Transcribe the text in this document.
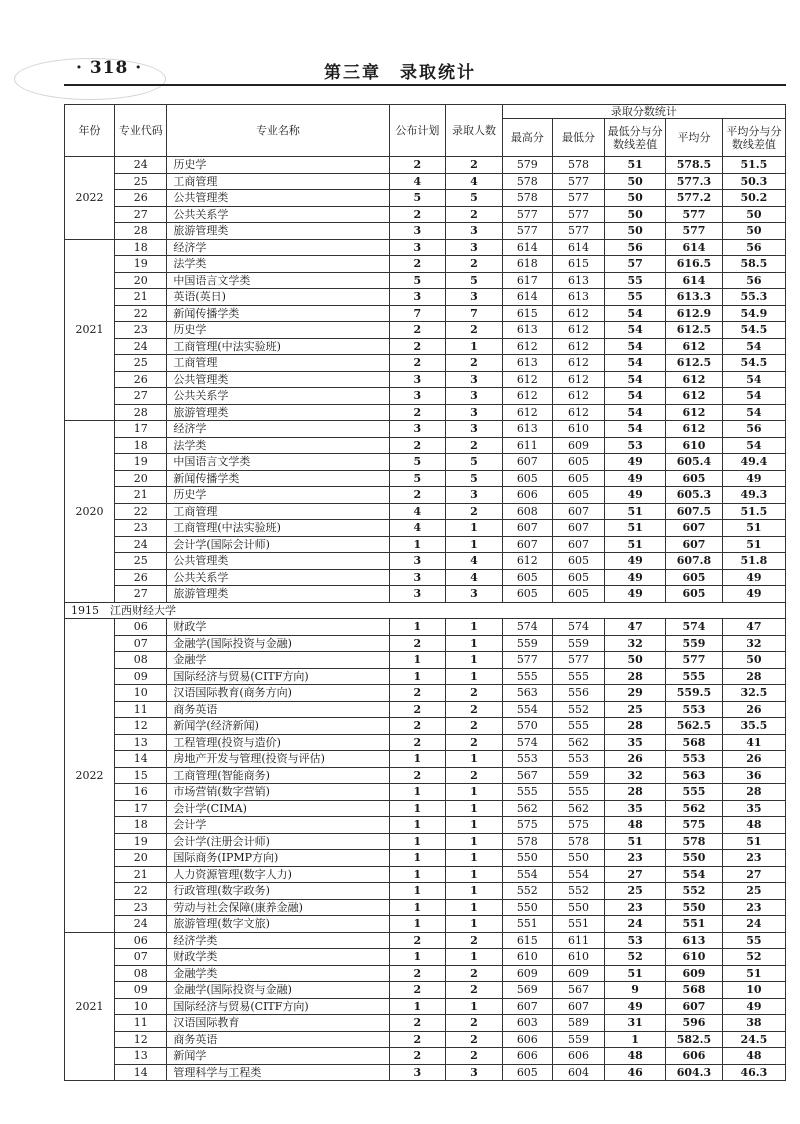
· 318 ·	第三章　录取统计
年份	专业代码	专业名称	公布计划	录取人数	录取分数统计				
					最高分	最低分	最低分与分数线差值	平均分	平均分与分数线差值
2022	24	历史学	2	2	579	578	51	578.5	51.5
	25	工商管理	4	4	578	577	50	577.3	50.3
	26	公共管理类	5	5	578	577	50	577.2	50.2
	27	公共关系学	2	2	577	577	50	577	50
	28	旅游管理类	3	3	577	577	50	577	50
2021	18	经济学	3	3	614	614	56	614	56
	19	法学类	2	2	618	615	57	616.5	58.5
	20	中国语言文学类	5	5	617	613	55	614	56
	21	英语(英日)	3	3	614	613	55	613.3	55.3
	22	新闻传播学类	7	7	615	612	54	612.9	54.9
	23	历史学	2	2	613	612	54	612.5	54.5
	24	工商管理(中法实验班)	2	1	612	612	54	612	54
	25	工商管理	2	2	613	612	54	612.5	54.5
	26	公共管理类	3	3	612	612	54	612	54
	27	公共关系学	3	3	612	612	54	612	54
	28	旅游管理类	2	3	612	612	54	612	54
2020	17	经济学	3	3	613	610	54	612	56
	18	法学类	2	2	611	609	53	610	54
	19	中国语言文学类	5	5	607	605	49	605.4	49.4
	20	新闻传播学类	5	5	605	605	49	605	49
	21	历史学	2	3	606	605	49	605.3	49.3
	22	工商管理	4	2	608	607	51	607.5	51.5
	23	工商管理(中法实验班)	4	1	607	607	51	607	51
	24	会计学(国际会计师)	1	1	607	607	51	607	51
	25	公共管理类	3	4	612	605	49	607.8	51.8
	26	公共关系学	3	4	605	605	49	605	49
	27	旅游管理类	3	3	605	605	49	605	49
1915　江西财经大学									
2022	06	财政学	1	1	574	574	47	574	47
	07	金融学(国际投资与金融)	2	1	559	559	32	559	32
	08	金融学	1	1	577	577	50	577	50
	09	国际经济与贸易(CITF方向)	1	1	555	555	28	555	28
	10	汉语国际教育(商务方向)	2	2	563	556	29	559.5	32.5
	11	商务英语	2	2	554	552	25	553	26
	12	新闻学(经济新闻)	2	2	570	555	28	562.5	35.5
	13	工程管理(投资与造价)	2	2	574	562	35	568	41
	14	房地产开发与管理(投资与评估)	1	1	553	553	26	553	26
	15	工商管理(智能商务)	2	2	567	559	32	563	36
	16	市场营销(数字营销)	1	1	555	555	28	555	28
	17	会计学(CIMA)	1	1	562	562	35	562	35
	18	会计学	1	1	575	575	48	575	48
	19	会计学(注册会计师)	1	1	578	578	51	578	51
	20	国际商务(IPMP方向)	1	1	550	550	23	550	23
	21	人力资源管理(数字人力)	1	1	554	554	27	554	27
	22	行政管理(数字政务)	1	1	552	552	25	552	25
	23	劳动与社会保障(康养金融)	1	1	550	550	23	550	23
	24	旅游管理(数字文旅)	1	1	551	551	24	551	24
2021	06	经济学类	2	2	615	611	53	613	55
	07	财政学类	1	1	610	610	52	610	52
	08	金融学类	2	2	609	609	51	609	51
	09	金融学(国际投资与金融)	2	2	569	567	9	568	10
	10	国际经济与贸易(CITF方向)	1	1	607	607	49	607	49
	11	汉语国际教育	2	2	603	589	31	596	38
	12	商务英语	2	2	606	559	1	582.5	24.5
	13	新闻学	2	2	606	606	48	606	48
	14	管理科学与工程类	3	3	605	604	46	604.3	46.3
